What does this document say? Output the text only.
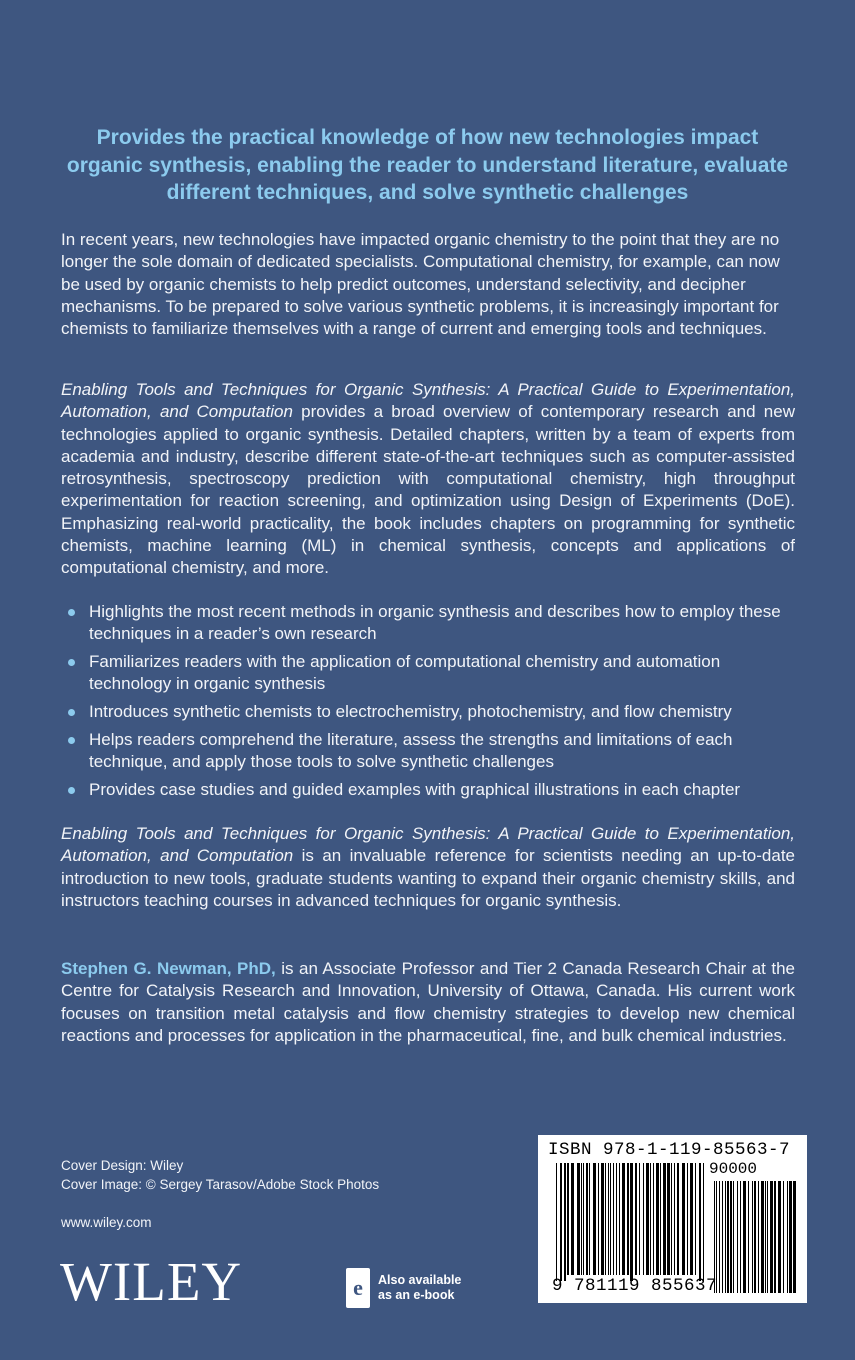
Provides the practical knowledge of how new technologies impact organic synthesis, enabling the reader to understand literature, evaluate different techniques, and solve synthetic challenges

In recent years, new technologies have impacted organic chemistry to the point that they are no longer the sole domain of dedicated specialists. Computational chemistry, for example, can now be used by organic chemists to help predict outcomes, understand selectivity, and decipher mechanisms. To be prepared to solve various synthetic problems, it is increasingly important for chemists to familiarize themselves with a range of current and emerging tools and techniques.

Enabling Tools and Techniques for Organic Synthesis: A Practical Guide to Experimentation, Automation, and Computation provides a broad overview of contemporary research and new technologies applied to organic synthesis. Detailed chapters, written by a team of experts from academia and industry, describe different state-of-the-art techniques such as computer-assisted retrosynthesis, spectroscopy prediction with computational chemistry, high throughput experimentation for reaction screening, and optimization using Design of Experiments (DoE). Emphasizing real-world practicality, the book includes chapters on programming for synthetic chemists, machine learning (ML) in chemical synthesis, concepts and applications of computational chemistry, and more.

Highlights the most recent methods in organic synthesis and describes how to employ these techniques in a reader’s own research
Familiarizes readers with the application of computational chemistry and automation technology in organic synthesis
Introduces synthetic chemists to electrochemistry, photochemistry, and flow chemistry
Helps readers comprehend the literature, assess the strengths and limitations of each technique, and apply those tools to solve synthetic challenges
Provides case studies and guided examples with graphical illustrations in each chapter

Enabling Tools and Techniques for Organic Synthesis: A Practical Guide to Experimentation, Automation, and Computation is an invaluable reference for scientists needing an up-to-date introduction to new tools, graduate students wanting to expand their organic chemistry skills, and instructors teaching courses in advanced techniques for organic synthesis.

Stephen G. Newman, PhD, is an Associate Professor and Tier 2 Canada Research Chair at the Centre for Catalysis Research and Innovation, University of Ottawa, Canada. His current work focuses on transition metal catalysis and flow chemistry strategies to develop new chemical reactions and processes for application in the pharmaceutical, fine, and bulk chemical industries.

Cover Design: Wiley
Cover Image: © Sergey Tarasov/Adobe Stock Photos
www.wiley.com
WILEY	e	Also available
as an e-book
ISBN 978-1-119-85563-7
90000
9 781119 855637
